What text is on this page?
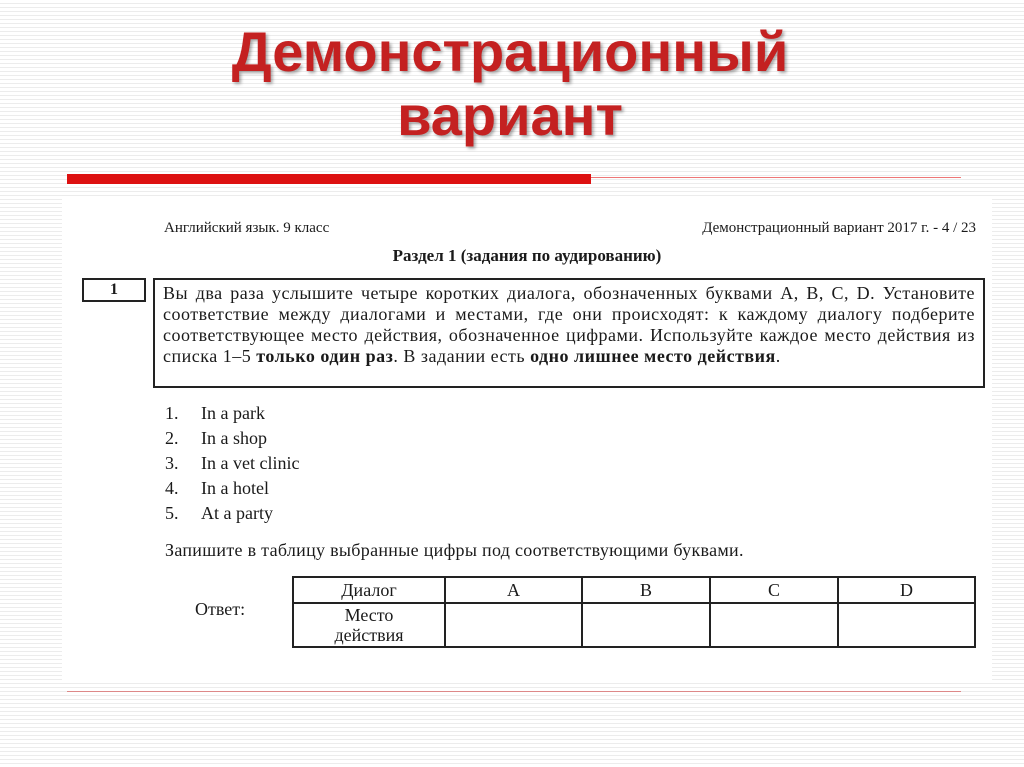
Демонстрационный
вариант
Английский язык. 9 класс	Демонстрационный вариант 2017 г. - 4 / 23
Раздел 1 (задания по аудированию)
1	Вы два раза услышите четыре коротких диалога, обозначенных буквами A, B, C, D. Установите соответствие между диалогами и местами, где они происходят: к каждому диалогу подберите соответствующее место действия, обозначенное цифрами. Используйте каждое место действия из списка 1–5 только один раз. В задании есть одно лишнее место действия.
1. In a park
2. In a shop
3. In a vet clinic
4. In a hotel
5. At a party
Запишите в таблицу выбранные цифры под соответствующими буквами.
Ответ:
Диалог	A	B	C	D
Место
действия				
